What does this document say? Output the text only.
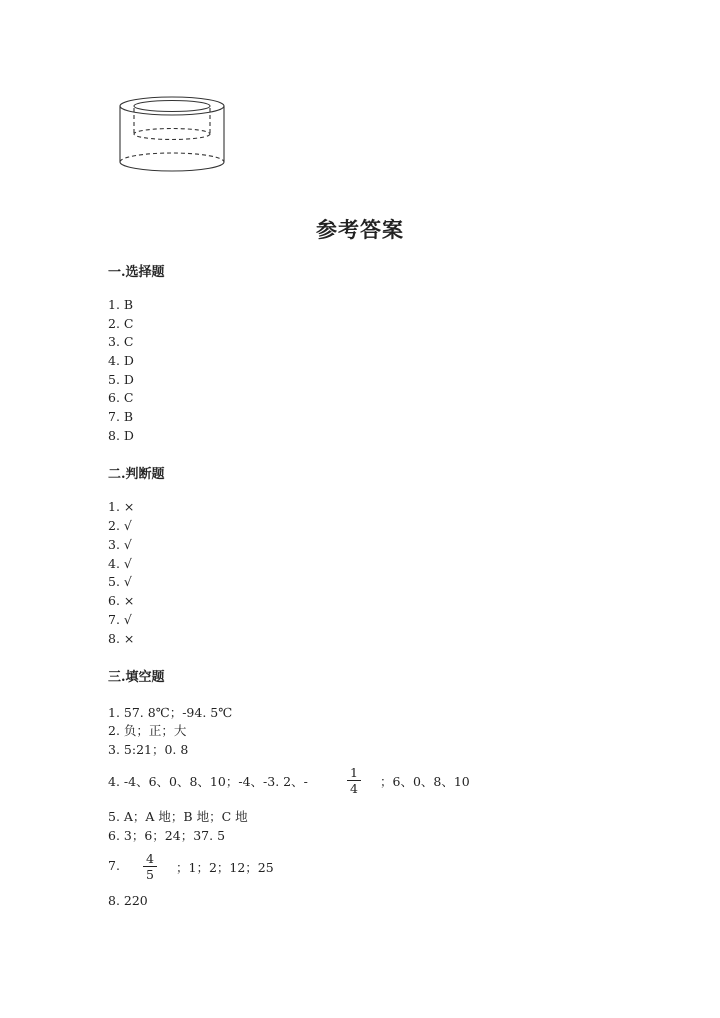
参考答案
一.选择题
1. B
2. C
3. C
4. D
5. D
6. C
7. B
8. D
二.判断题
1. ×
2. √
3. √
4. √
5. √
6. ×
7. √
8. ×
三.填空题
1. 57. 8℃；-94. 5℃
2. 负；正；大
3. 5:21；0. 8
4. -4、6、0、8、10；-4、-3. 2、-	$\frac{1}{4}$ ；6、0、8、10
5. A；A 地；B 地；C 地
6. 3；6；24；37. 5
7. $\frac{4}{5}$ ；1；2；12；25
8. 220
